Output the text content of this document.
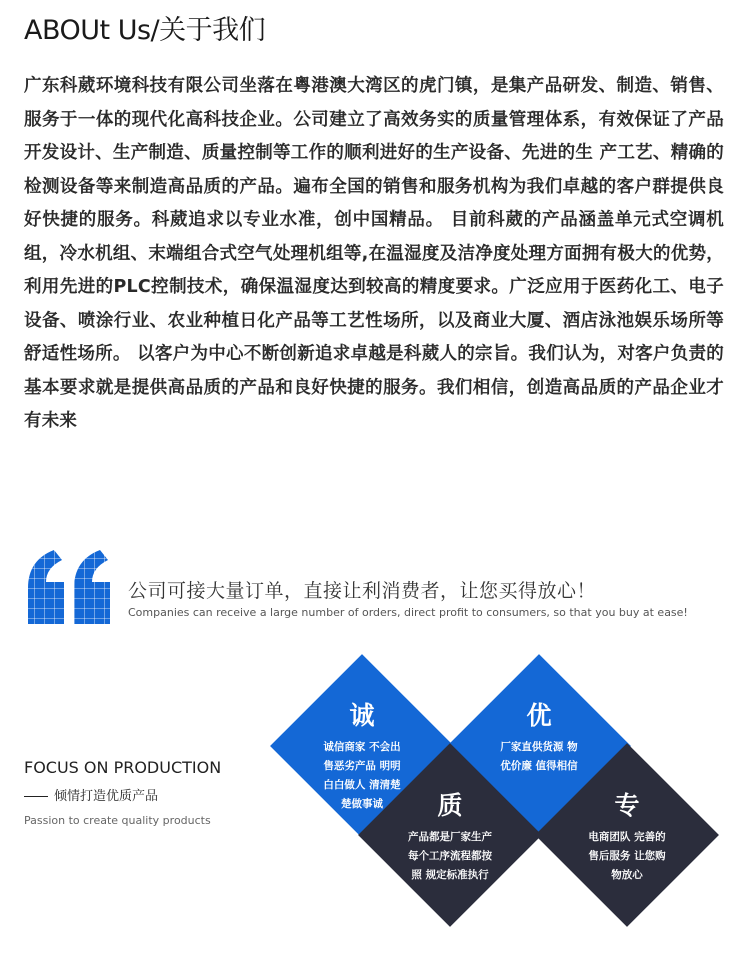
ABOUt Us/关于我们
广东科葳环境科技有限公司坐落在粤港澳大湾区的虎门镇，是集产品研发、制造、销售、服务于一体的现代化高科技企业。公司建立了高效务实的质量管理体系，有效保证了产品开发设计、生产制造、质量控制等工作的顺利进好的生产设备、先进的生 产工艺、精确的检测设备等来制造高品质的产品。遍布全国的销售和服务机构为我们卓越的客户群提供良好快捷的服务。科葳追求以专业水准，创中国精品。 目前科葳的产品涵盖单元式空调机组，冷水机组、末端组合式空气处理机组等,在温湿度及洁净度处理方面拥有极大的优势，利用先进的PLC控制技术，确保温湿度达到较高的精度要求。广泛应用于医药化工、电子设备、喷涂行业、农业种植日化产品等工艺性场所，以及商业大厦、酒店泳池娱乐场所等舒适性场所。 以客户为中心不断创新追求卓越是科葳人的宗旨。我们认为，对客户负责的基本要求就是提供高品质的产品和良好快捷的服务。我们相信，创造高品质的产品企业才有未来
公司可接大量订单，直接让利消费者，让您买得放心！
Companies can receive a large number of orders, direct profit to consumers, so that you buy at ease!
FOCUS ON PRODUCTION
倾情打造优质产品
Passion to create quality products
诚
诚信商家 不会出售恶劣产品 明明白白做人 清清楚楚做事诚
优
厂家直供货源 物优价廉 值得相信
质
产品都是厂家生产 每个工序流程都按照 规定标准执行
专
电商团队 完善的售后服务 让您购物放心
